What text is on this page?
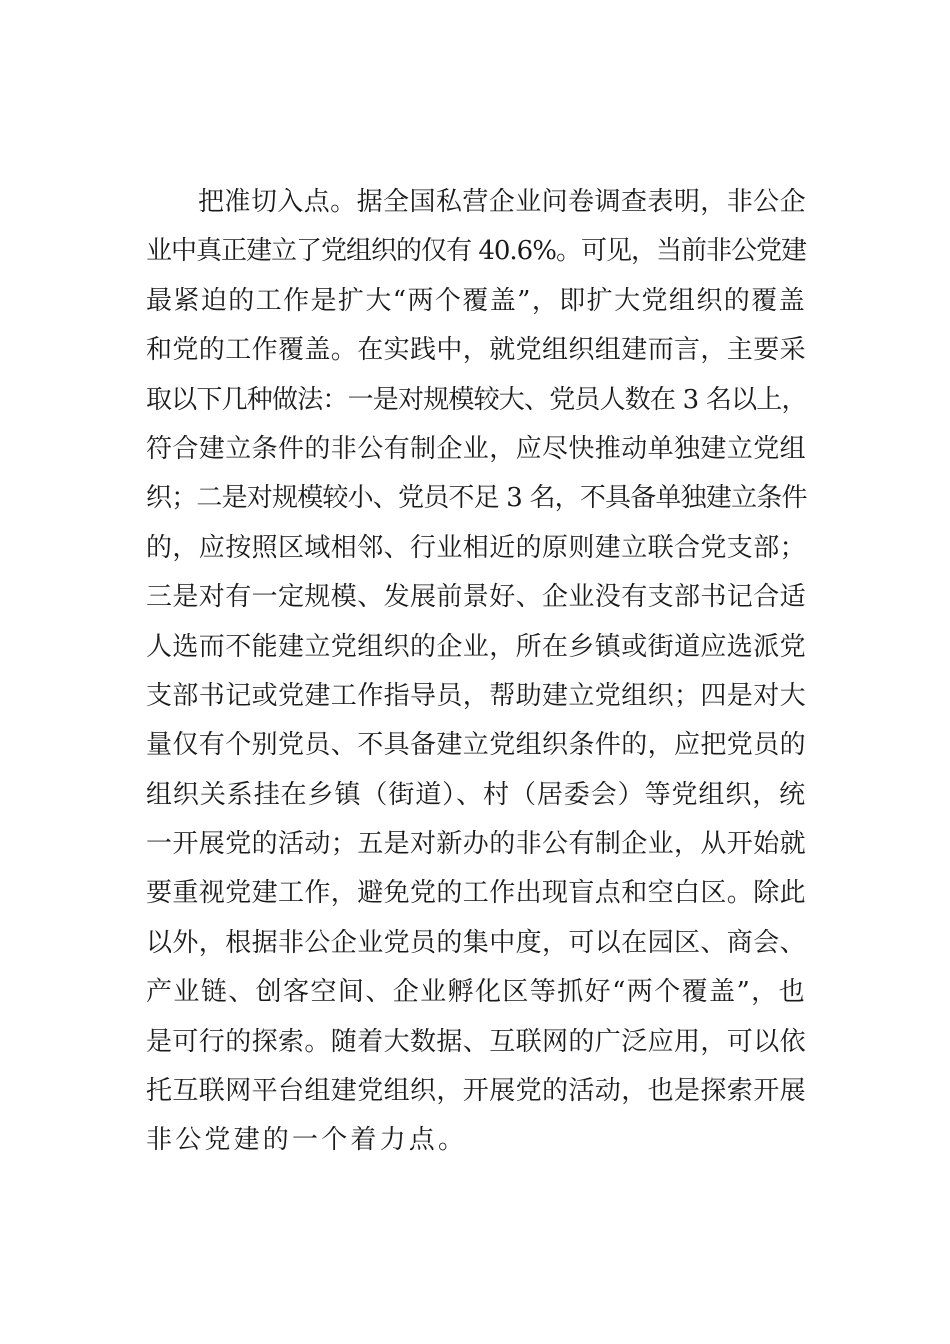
把准切入点。据全国私营企业问卷调查表明，非公企
业中真正建立了党组织的仅有 40.6%。可见，当前非公党建
最紧迫的工作是扩大“两个覆盖”，即扩大党组织的覆盖
和党的工作覆盖。在实践中，就党组织组建而言，主要采
取以下几种做法：一是对规模较大、党员人数在 3 名以上，
符合建立条件的非公有制企业，应尽快推动单独建立党组
织；二是对规模较小、党员不足 3 名，不具备单独建立条件
的，应按照区域相邻、行业相近的原则建立联合党支部；
三是对有一定规模、发展前景好、企业没有支部书记合适
人选而不能建立党组织的企业，所在乡镇或街道应选派党
支部书记或党建工作指导员，帮助建立党组织；四是对大
量仅有个别党员、不具备建立党组织条件的，应把党员的
组织关系挂在乡镇（街道）、村（居委会）等党组织，统
一开展党的活动；五是对新办的非公有制企业，从开始就
要重视党建工作，避免党的工作出现盲点和空白区。除此
以外，根据非公企业党员的集中度，可以在园区、商会、
产业链、创客空间、企业孵化区等抓好“两个覆盖”，也
是可行的探索。随着大数据、互联网的广泛应用，可以依
托互联网平台组建党组织，开展党的活动，也是探索开展
非公党建的一个着力点。
